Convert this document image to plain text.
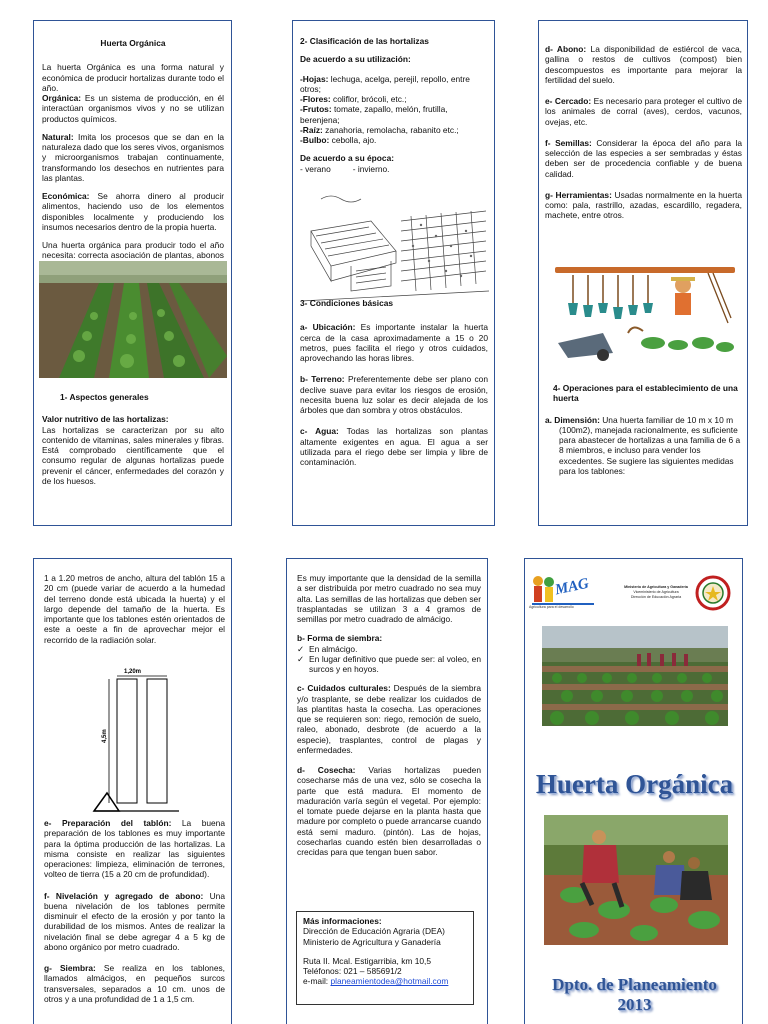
Huerta Orgánica

La huerta Orgánica es una forma natural y económica de producir hortalizas durante todo el año.

Orgánica: Es un sistema de producción, en él interactúan organismos vivos y no se utilizan productos químicos.

Natural: Imita los procesos que se dan en la naturaleza dado que los seres vivos, organismos y microorganismos trabajan continuamente, transformando los desechos en nutrientes para las plantas.

Económica: Se ahorra dinero al producir alimentos, haciendo uso de los elementos disponibles localmente y produciendo los insumos necesarios dentro de la propia huerta.

Una huerta orgánica para producir todo el año necesita: correcta asociación de plantas, abonos

1- Aspectos generales

Valor nutritivo de las hortalizas:

Las hortalizas se caracterizan por su alto contenido de vitaminas, sales minerales y fibras. Está comprobado científicamente que el consumo regular de algunas hortalizas puede prevenir el cáncer, enfermedades del corazón y de los huesos.

2- Clasificación de las hortalizas

De acuerdo a su utilización:

-Hojas: lechuga, acelga, perejil, repollo, entre otros;
-Flores: coliflor, brócoli, etc.;
-Frutos: tomate, zapallo, melón, frutilla, berenjena;
-Raíz: zanahoria, remolacha, rabanito etc.;
-Bulbo: cebolla, ajo.

De acuerdo a su época:

- verano	- invierno.

3- Condiciones básicas

a- Ubicación: Es importante instalar la huerta cerca de la casa aproximadamente a 15 o 20 metros, pues facilita el riego y otros cuidados, aprovechando las horas libres.

b- Terreno: Preferentemente debe ser plano con declive suave para evitar los riesgos de erosión, necesita buena luz solar es decir alejada de los árboles que dan sombra y otros obstáculos.

c- Agua: Todas las hortalizas son plantas altamente exigentes en agua. El agua a ser utilizada para el riego debe ser limpia y libre de contaminación.

d- Abono: La disponibilidad de estiércol de vaca, gallina o restos de cultivos (compost) bien descompuestos es importante para mejorar la fertilidad del suelo.

e- Cercado: Es necesario para proteger el cultivo de los animales de corral (aves), cerdos, vacunos, ovejas, etc.

f- Semillas: Considerar la época del año para la selección de las especies a ser sembradas y éstas deben ser de procedencia confiable y de buena calidad.

g- Herramientas: Usadas normalmente en la huerta como: pala, rastrillo, azadas, escardillo, regadera, machete, entre otros.

4- Operaciones para el establecimiento de una huerta

a. Dimensión: Una huerta familiar de 10 m x 10 m (100m2), manejada racionalmente, es suficiente para abastecer de hortalizas a una familia de 6 a 8 miembros, e incluso para vender los excedentes. Se sugiere las siguientes medidas para los tablones:

1 a 1.20 metros de ancho, altura del tablón 15 a 20 cm (puede variar de acuerdo a la humedad del terreno donde está ubicada la huerta) y el largo depende del tamaño de la huerta. Es importante que los tablones estén orientados de este a oeste a fin de aprovechar mejor el recorrido de la radiación solar.

1,20m
4,5m

e- Preparación del tablón: La buena preparación de los tablones es muy importante para la óptima producción de las hortalizas. La misma consiste en realizar las siguientes operaciones: limpieza, eliminación de terrones, volteo de tierra (15 a 20 cm de profundidad).

f- Nivelación y agregado de abono: Una buena nivelación de los tablones permite disminuir el efecto de la erosión y por tanto la durabilidad de los mismos. Antes de realizar la nivelación final se debe agregar 4 a 5 kg de abono orgánico por metro cuadrado.

g- Siembra: Se realiza en los tablones, llamados almácigos, en pequeños surcos transversales, separados a 10 cm. unos de otros y a una profundidad de 1 a 1,5 cm.

Es muy importante que la densidad de la semilla a ser distribuida por metro cuadrado no sea muy alta. Las semillas de las hortalizas que deben ser trasplantadas se utilizan 3 a 4 gramos de semillas por metro cuadrado de almácigo.

b- Forma de siembra:

✓ En almácigo.
✓ En lugar definitivo que puede ser: al voleo, en surcos y en hoyos.

c- Cuidados culturales: Después de la siembra y/o trasplante, se debe realizar los cuidados de las plantitas hasta la cosecha. Las operaciones que se requieren son: riego, remoción de suelo, raleo, abonado, desbrote (de acuerdo a la especie), trasplantes, control de plagas y enfermedades.

d- Cosecha: Varias hortalizas pueden cosecharse más de una vez, sólo se cosecha la parte que está madura. El momento de maduración varía según el vegetal. Por ejemplo: el tomate puede dejarse en la planta hasta que madure por completo o puede arrancarse cuando está semi maduro. (pintón). Las de hojas, cosecharlas cuando estén bien desarrolladas o crecidas para que tengan buen sabor.

Más informaciones:
Dirección de Educación Agraria (DEA)
Ministerio de Agricultura y Ganadería
Ruta II. Mcal. Estigarribia, km 10,5
Teléfonos: 021 – 585691/2
e-mail: planeamientodea@hotmail.com
MAG
Agricultura para el desarrollo
Ministerio de Agricultura y Ganadería
Viceministerio de Agricultura
Dirección de Educación Agraria
Huerta Orgánica
Dpto. de Planeamiento
2013
